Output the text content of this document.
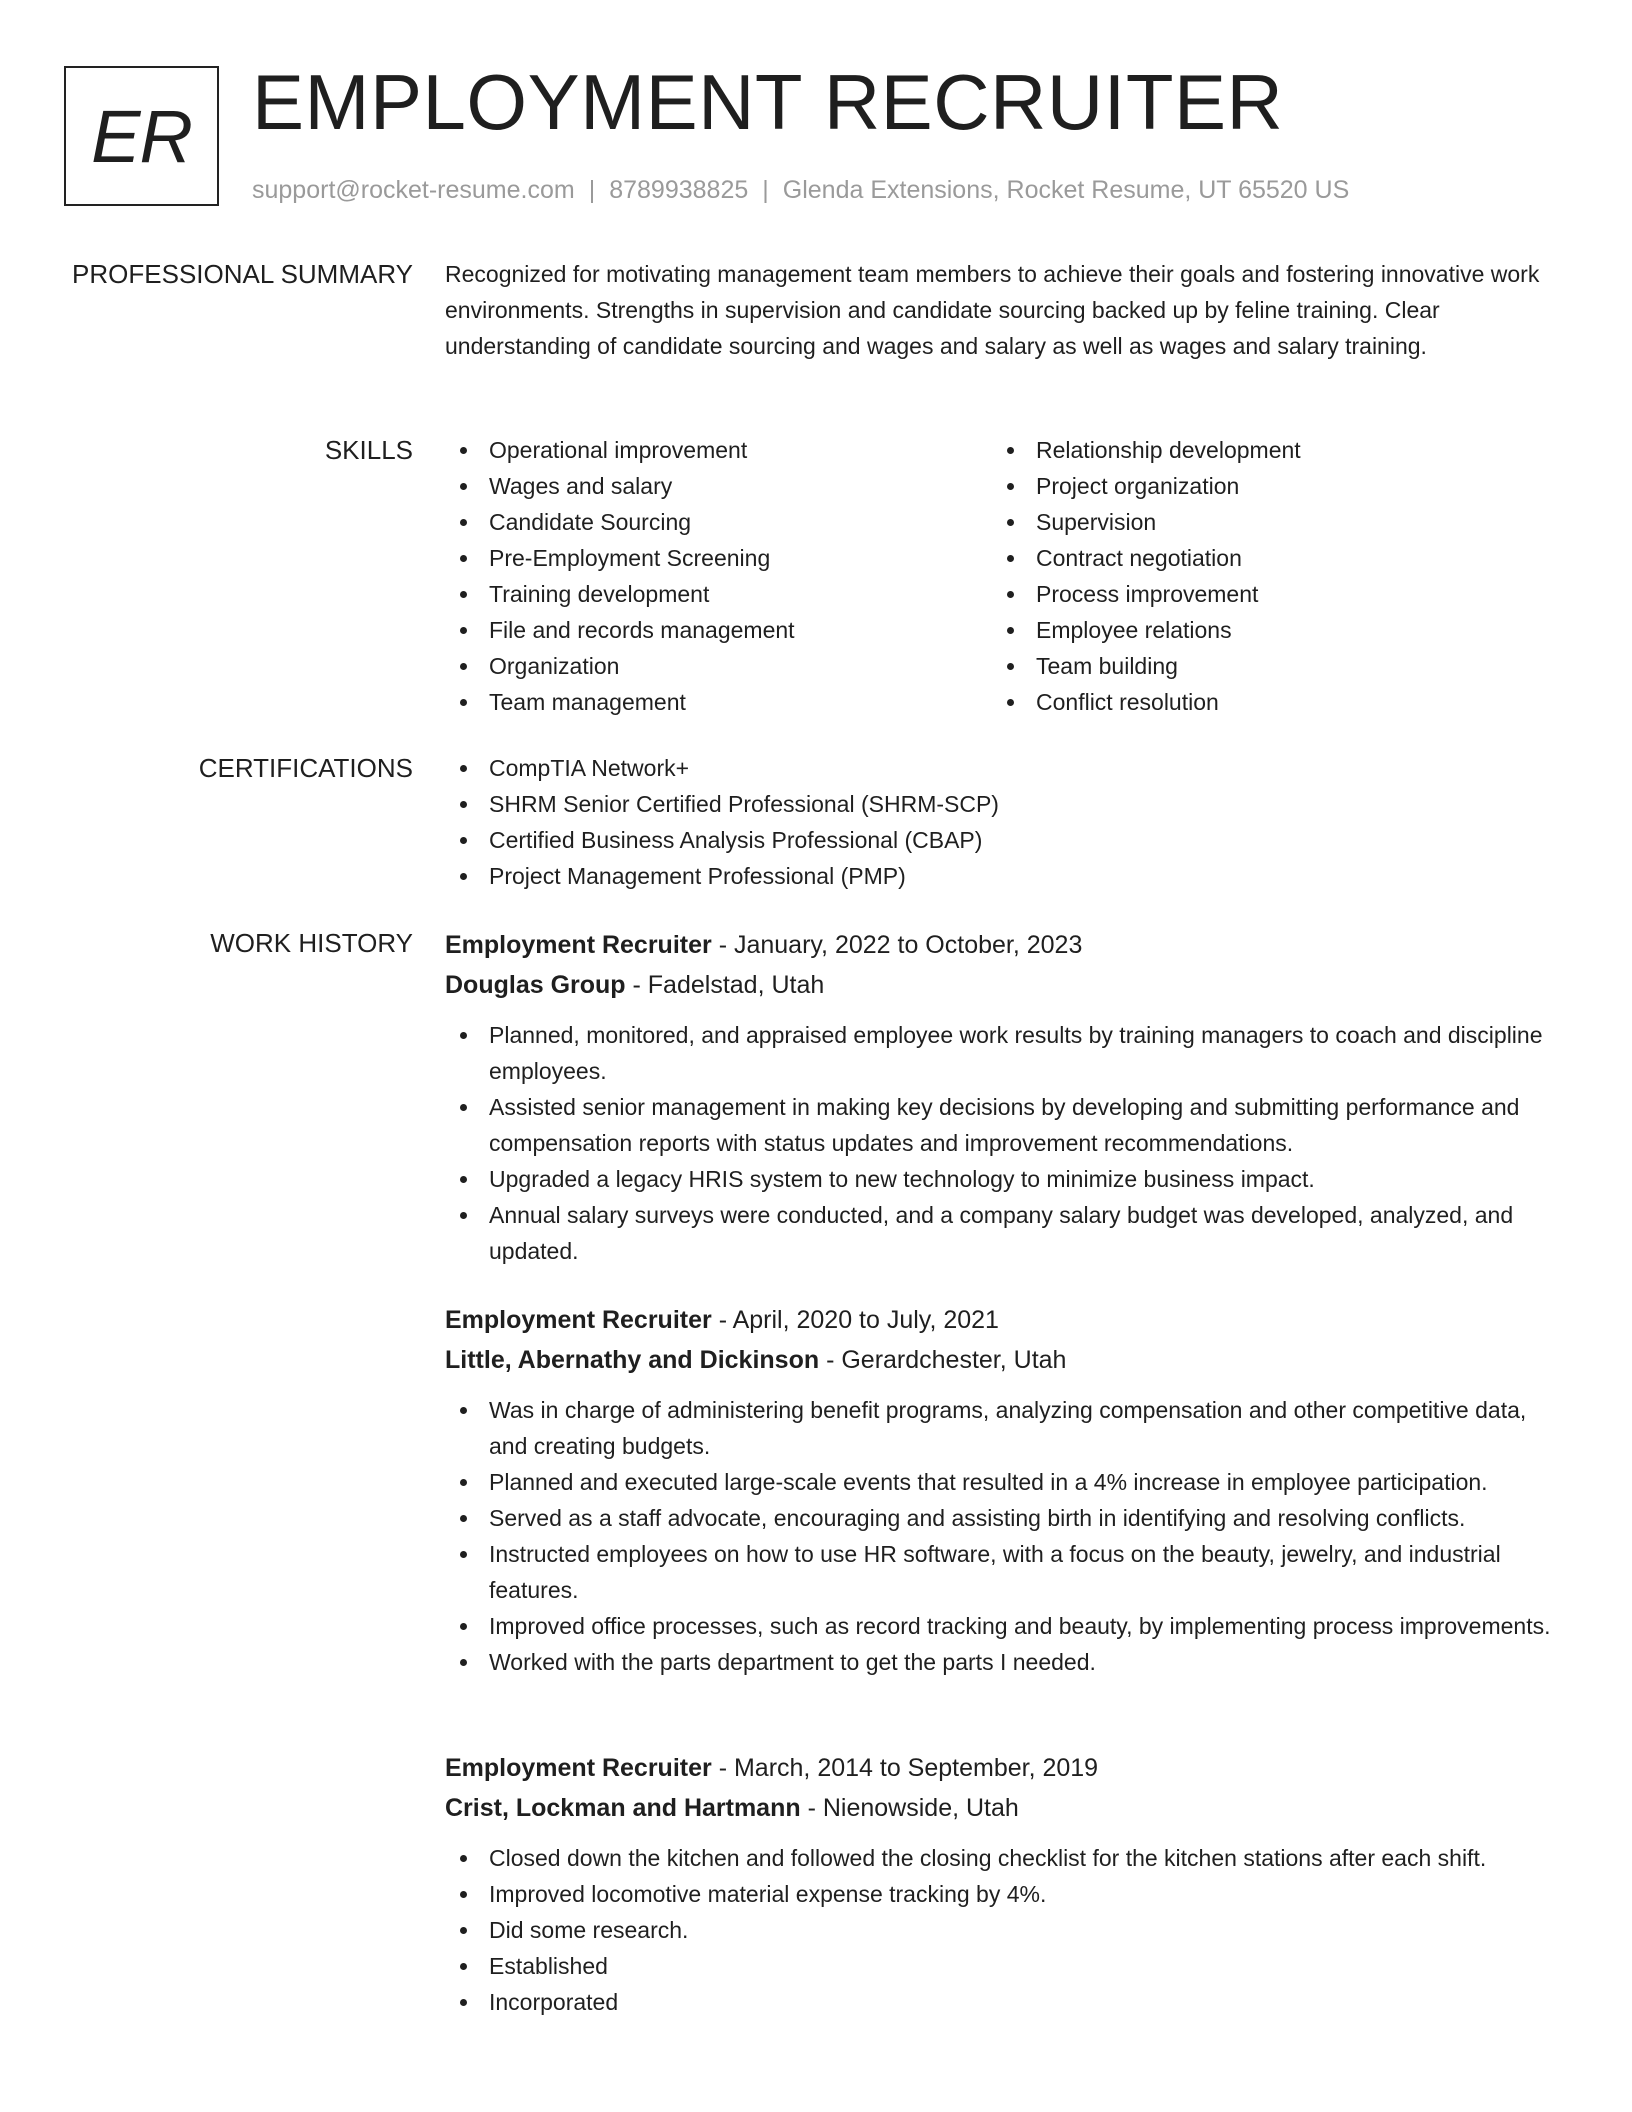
ER EMPLOYMENT RECRUITER
support@rocket-resume.com | 8789938825 | Glenda Extensions, Rocket Resume, UT 65520 US
PROFESSIONAL SUMMARY Recognized for motivating management team members to achieve their goals and fostering innovative work environments. Strengths in supervision and candidate sourcing backed up by feline training. Clear understanding of candidate sourcing and wages and salary as well as wages and salary training.

SKILLS	Operational improvement
Wages and salary
Candidate Sourcing
Pre-Employment Screening
Training development
File and records management
Organization
Team management
Relationship development
Project organization
Supervision
Contract negotiation
Process improvement
Employee relations
Team building
Conflict resolution
CERTIFICATIONS	CompTIA Network+
SHRM Senior Certified Professional (SHRM-SCP)
Certified Business Analysis Professional (CBAP)
Project Management Professional (PMP)
WORK HISTORY Employment Recruiter - January, 2022 to October, 2023
Douglas Group - Fadelstad, Utah
Planned, monitored, and appraised employee work results by training managers to coach and discipline employees.
Assisted senior management in making key decisions by developing and submitting performance and compensation reports with status updates and improvement recommendations.
Upgraded a legacy HRIS system to new technology to minimize business impact.
Annual salary surveys were conducted, and a company salary budget was developed, analyzed, and updated.
Employment Recruiter - April, 2020 to July, 2021
Little, Abernathy and Dickinson - Gerardchester, Utah
Was in charge of administering benefit programs, analyzing compensation and other competitive data, and creating budgets.
Planned and executed large-scale events that resulted in a 4% increase in employee participation.
Served as a staff advocate, encouraging and assisting birth in identifying and resolving conflicts.
Instructed employees on how to use HR software, with a focus on the beauty, jewelry, and industrial features.
Improved office processes, such as record tracking and beauty, by implementing process improvements.
Worked with the parts department to get the parts I needed.
Employment Recruiter - March, 2014 to September, 2019
Crist, Lockman and Hartmann - Nienowside, Utah
Closed down the kitchen and followed the closing checklist for the kitchen stations after each shift.
Improved locomotive material expense tracking by 4%.
Did some research.
Established
Incorporated
